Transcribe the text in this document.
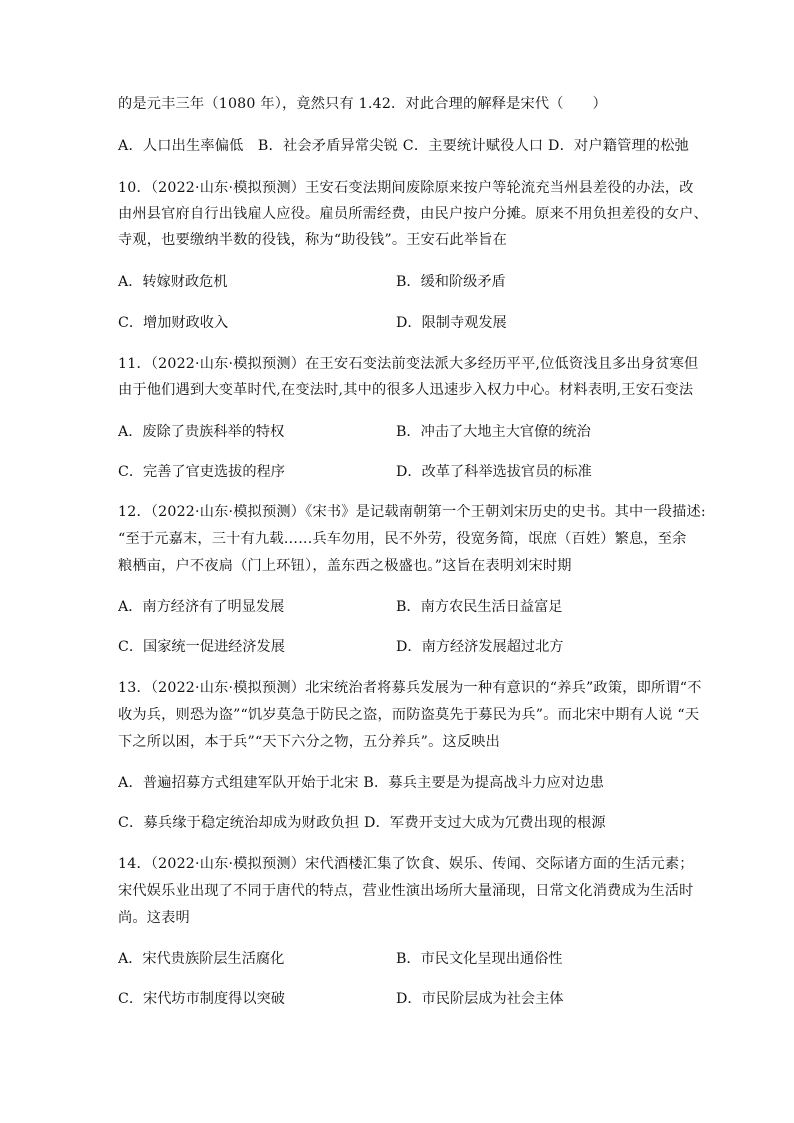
的是元丰三年（1080 年），竟然只有 1.42．对此合理的解释是宋代（　　）
A．人口出生率偏低　B．社会矛盾异常尖锐 C．主要统计赋役人口 D．对户籍管理的松弛
10．（2022·山东·模拟预测）王安石变法期间废除原来按户等轮流充当州县差役的办法，改
由州县官府自行出钱雇人应役。雇员所需经费，由民户按户分摊。原来不用负担差役的女户、
寺观，也要缴纳半数的役钱，称为“助役钱”。王安石此举旨在
A．转嫁财政危机	B．缓和阶级矛盾
C．增加财政收入	D．限制寺观发展
11．（2022·山东·模拟预测）在王安石变法前变法派大多经历平平,位低资浅且多出身贫寒但
由于他们遇到大变革时代,在变法时,其中的很多人迅速步入权力中心。材料表明,王安石变法
A．废除了贵族科举的特权	B．冲击了大地主大官僚的统治
C．完善了官吏选拔的程序	D．改革了科举选拔官员的标准
12．（2022·山东·模拟预测）《宋书》是记载南朝第一个王朝刘宋历史的史书。其中一段描述:
“至于元嘉末，三十有九载……兵车勿用，民不外劳，役宽务简，氓庶（百姓）繁息，至余
粮栖亩，户不夜扃（门上环钮），盖东西之极盛也。”这旨在表明刘宋时期
A．南方经济有了明显发展	B．南方农民生活日益富足
C．国家统一促进经济发展	D．南方经济发展超过北方
13．（2022·山东·模拟预测）北宋统治者将募兵发展为一种有意识的“养兵”政策，即所谓“不
收为兵，则恐为盗”“饥岁莫急于防民之盗，而防盗莫先于募民为兵”。而北宋中期有人说 “天
下之所以困，本于兵”“天下六分之物，五分养兵”。这反映出
A．普遍招募方式组建军队开始于北宋 B．募兵主要是为提高战斗力应对边患
C．募兵缘于稳定统治却成为财政负担 D．军费开支过大成为冗费出现的根源
14．（2022·山东·模拟预测）宋代酒楼汇集了饮食、娱乐、传闻、交际诸方面的生活元素；
宋代娱乐业出现了不同于唐代的特点，营业性演出场所大量涌现，日常文化消费成为生活时
尚。这表明
A．宋代贵族阶层生活腐化	B．市民文化呈现出通俗性
C．宋代坊市制度得以突破	D．市民阶层成为社会主体
